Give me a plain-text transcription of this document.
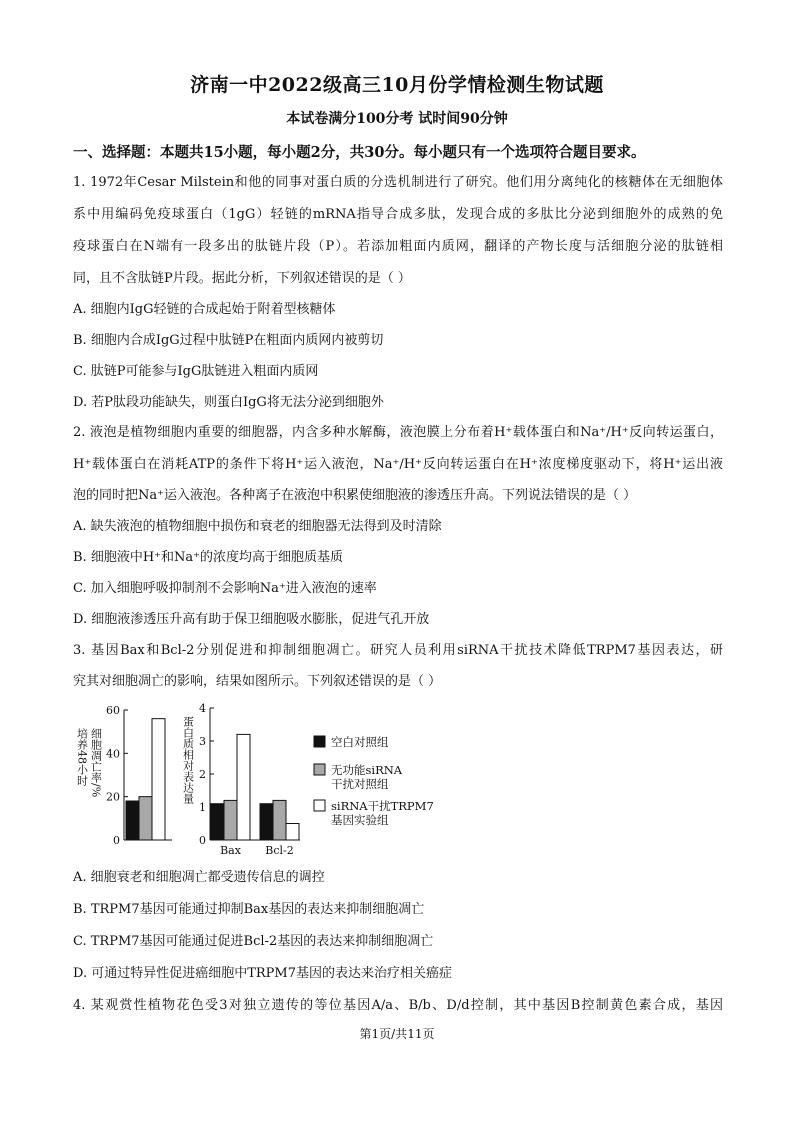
济南一中2022级高三10月份学情检测生物试题
本试卷满分100分考 试时间90分钟
一、选择题：本题共15小题，每小题2分，共30分。每小题只有一个选项符合题目要求。
1. 1972年Cesar Milstein和他的同事对蛋白质的分选机制进行了研究。他们用分离纯化的核糖体在无细胞体
系中用编码免疫球蛋白（1gG）轻链的mRNA指导合成多肽，发现合成的多肽比分泌到细胞外的成熟的免
疫球蛋白在N端有一段多出的肽链片段（P）。若添加粗面内质网，翻译的产物长度与活细胞分泌的肽链相
同，且不含肽链P片段。据此分析，下列叙述错误的是（ ）
A. 细胞内IgG轻链的合成起始于附着型核糖体
B. 细胞内合成IgG过程中肽链P在粗面内质网内被剪切
C. 肽链P可能参与IgG肽链进入粗面内质网
D. 若P肽段功能缺失，则蛋白IgG将无法分泌到细胞外
2. 液泡是植物细胞内重要的细胞器，内含多种水解酶，液泡膜上分布着H⁺载体蛋白和Na⁺/H⁺反向转运蛋白，
H⁺载体蛋白在消耗ATP的条件下将H⁺运入液泡，Na⁺/H⁺反向转运蛋白在H⁺浓度梯度驱动下，将H⁺运出液
泡的同时把Na⁺运入液泡。各种离子在液泡中积累使细胞液的渗透压升高。下列说法错误的是（ ）
A. 缺失液泡的植物细胞中损伤和衰老的细胞器无法得到及时清除
B. 细胞液中H⁺和Na⁺的浓度均高于细胞质基质
C. 加入细胞呼吸抑制剂不会影响Na⁺进入液泡的速率
D. 细胞液渗透压升高有助于保卫细胞吸水膨胀，促进气孔开放
3. 基因Bax和Bcl-2分别促进和抑制细胞凋亡。研究人员利用siRNA干扰技术降低TRPM7基因表达，研
究其对细胞凋亡的影响，结果如图所示。下列叙述错误的是（ ）
0
20
40
60
培养48小时 细胞凋亡率/%
0
1
2
3
4
蛋白质相对表达量
Bax Bcl-2
空白对照组
无功能siRNA
干扰对照组
siRNA干扰TRPM7
基因实验组
A. 细胞衰老和细胞凋亡都受遗传信息的调控
B. TRPM7基因可能通过抑制Bax基因的表达来抑制细胞凋亡
C. TRPM7基因可能通过促进Bcl-2基因的表达来抑制细胞凋亡
D. 可通过特异性促进癌细胞中TRPM7基因的表达来治疗相关癌症
4. 某观赏性植物花色受3对独立遗传的等位基因A/a、B/b、D/d控制，其中基因B控制黄色素合成，基因
第1页/共11页
